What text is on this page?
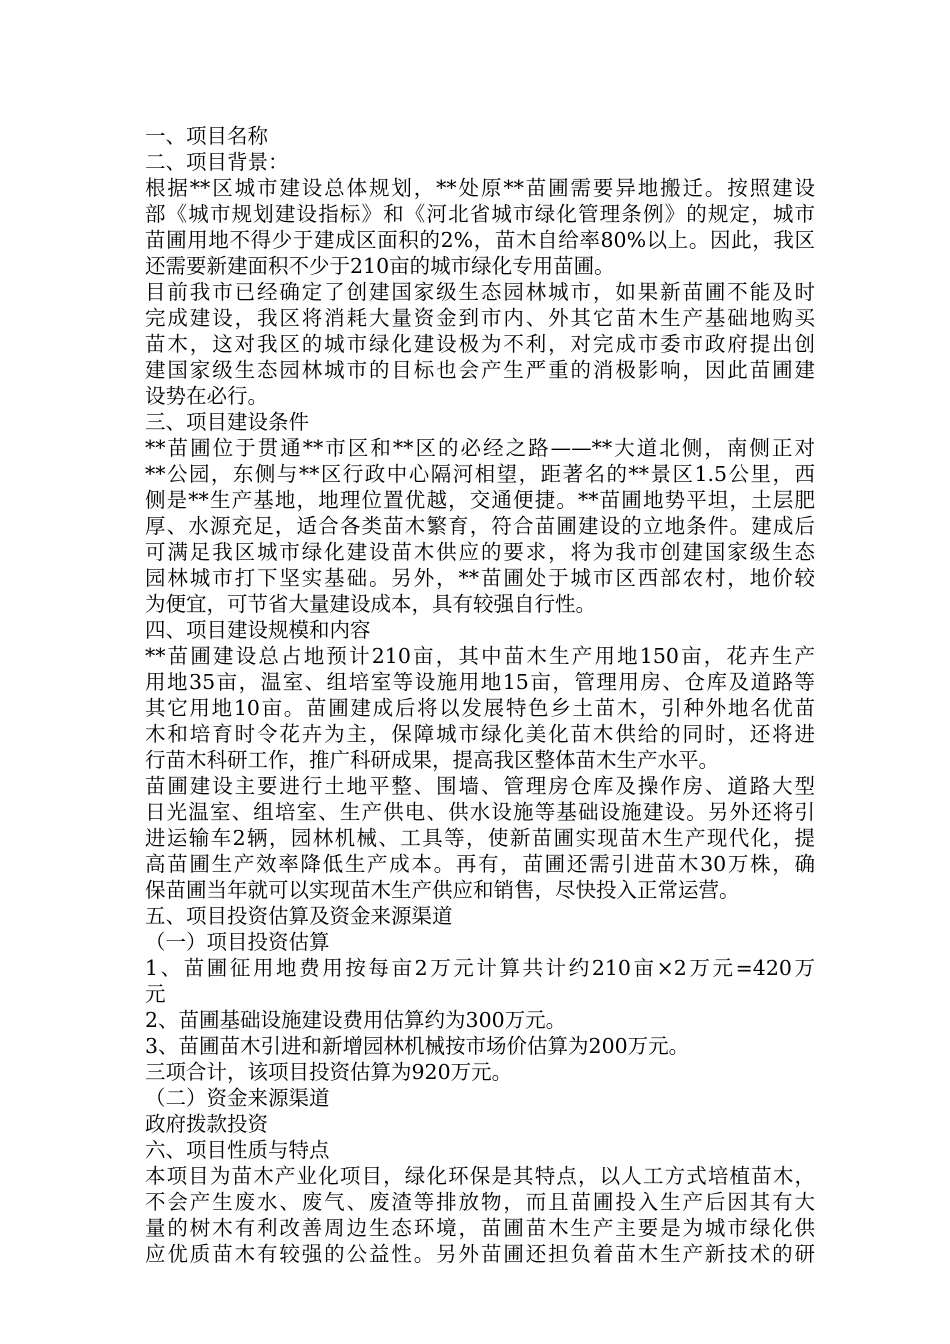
一、项目名称

二、项目背景：

根据**区城市建设总体规划，**处原**苗圃需要异地搬迁。按照建设

部《城市规划建设指标》和《河北省城市绿化管理条例》的规定，城市

苗圃用地不得少于建成区面积的2%，苗木自给率80%以上。因此，我区

还需要新建面积不少于210亩的城市绿化专用苗圃。

目前我市已经确定了创建国家级生态园林城市，如果新苗圃不能及时

完成建设，我区将消耗大量资金到市内、外其它苗木生产基础地购买

苗木，这对我区的城市绿化建设极为不利，对完成市委市政府提出创

建国家级生态园林城市的目标也会产生严重的消极影响，因此苗圃建

设势在必行。

三、项目建设条件

**苗圃位于贯通**市区和**区的必经之路——**大道北侧，南侧正对

**公园，东侧与**区行政中心隔河相望，距著名的**景区1.5公里，西

侧是**生产基地，地理位置优越，交通便捷。**苗圃地势平坦，土层肥

厚、水源充足，适合各类苗木繁育，符合苗圃建设的立地条件。建成后

可满足我区城市绿化建设苗木供应的要求，将为我市创建国家级生态

园林城市打下坚实基础。另外，**苗圃处于城市区西部农村，地价较

为便宜，可节省大量建设成本，具有较强自行性。

四、项目建设规模和内容

**苗圃建设总占地预计210亩，其中苗木生产用地150亩，花卉生产

用地35亩，温室、组培室等设施用地15亩，管理用房、仓库及道路等

其它用地10亩。苗圃建成后将以发展特色乡土苗木，引种外地名优苗

木和培育时令花卉为主，保障城市绿化美化苗木供给的同时，还将进

行苗木科研工作，推广科研成果，提高我区整体苗木生产水平。

苗圃建设主要进行土地平整、围墙、管理房仓库及操作房、道路大型

日光温室、组培室、生产供电、供水设施等基础设施建设。另外还将引

进运输车2辆，园林机械、工具等，使新苗圃实现苗木生产现代化，提

高苗圃生产效率降低生产成本。再有，苗圃还需引进苗木30万株，确

保苗圃当年就可以实现苗木生产供应和销售，尽快投入正常运营。

五、项目投资估算及资金来源渠道

（一）项目投资估算

1、苗圃征用地费用按每亩2万元计算共计约210亩×2万元=420万

元

2、苗圃基础设施建设费用估算约为300万元。

3、苗圃苗木引进和新增园林机械按市场价估算为200万元。

三项合计，该项目投资估算为920万元。

（二）资金来源渠道

政府拨款投资

六、项目性质与特点

本项目为苗木产业化项目，绿化环保是其特点，以人工方式培植苗木，

不会产生废水、废气、废渣等排放物，而且苗圃投入生产后因其有大

量的树木有利改善周边生态环境，苗圃苗木生产主要是为城市绿化供

应优质苗木有较强的公益性。另外苗圃还担负着苗木生产新技术的研
